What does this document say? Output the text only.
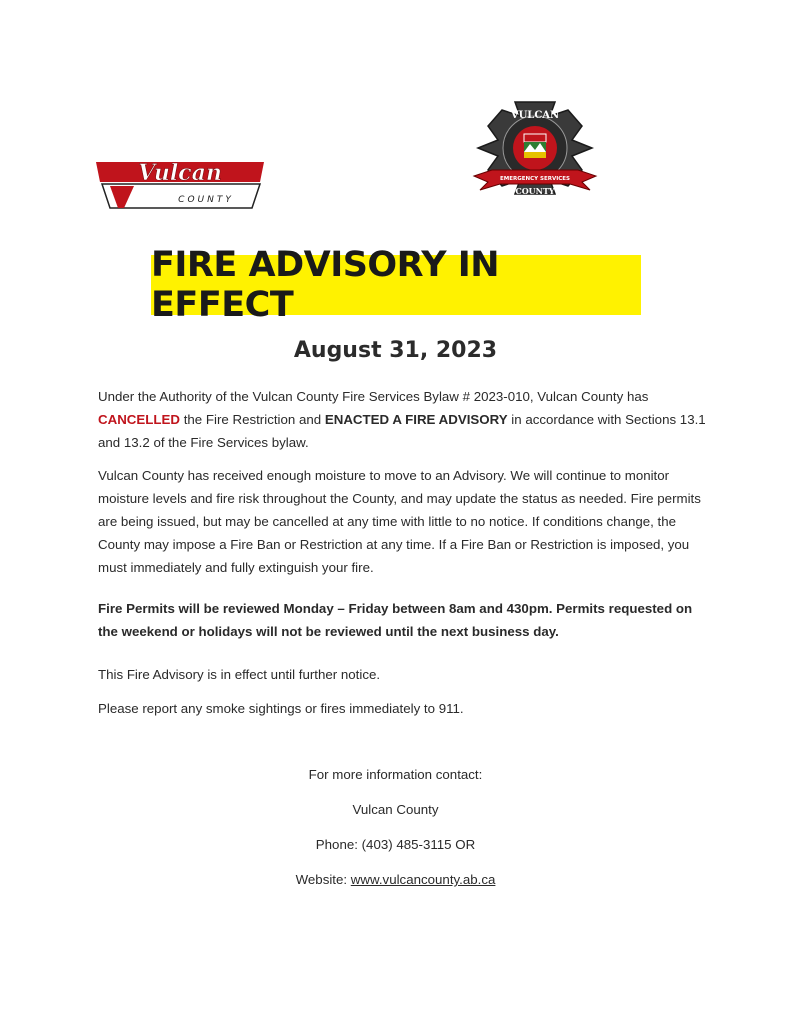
Vulcan
COUNTY
VULCAN
EMERGENCY SERVICES
COUNTY
FIRE ADVISORY IN EFFECT
August 31, 2023
Under the Authority of the Vulcan County Fire Services Bylaw # 2023-010, Vulcan County has CANCELLED the Fire Restriction and ENACTED A FIRE ADVISORY in accordance with Sections 13.1 and 13.2 of the Fire Services bylaw.
Vulcan County has received enough moisture to move to an Advisory. We will continue to monitor moisture levels and fire risk throughout the County, and may update the status as needed. Fire permits are being issued, but may be cancelled at any time with little to no notice. If conditions change, the County may impose a Fire Ban or Restriction at any time. If a Fire Ban or Restriction is imposed, you must immediately and fully extinguish your fire.
Fire Permits will be reviewed Monday – Friday between 8am and 430pm. Permits requested on the weekend or holidays will not be reviewed until the next business day.
This Fire Advisory is in effect until further notice.
Please report any smoke sightings or fires immediately to 911.
For more information contact:
Vulcan County
Phone: (403) 485-3115 OR
Website: www.vulcancounty.ab.ca
